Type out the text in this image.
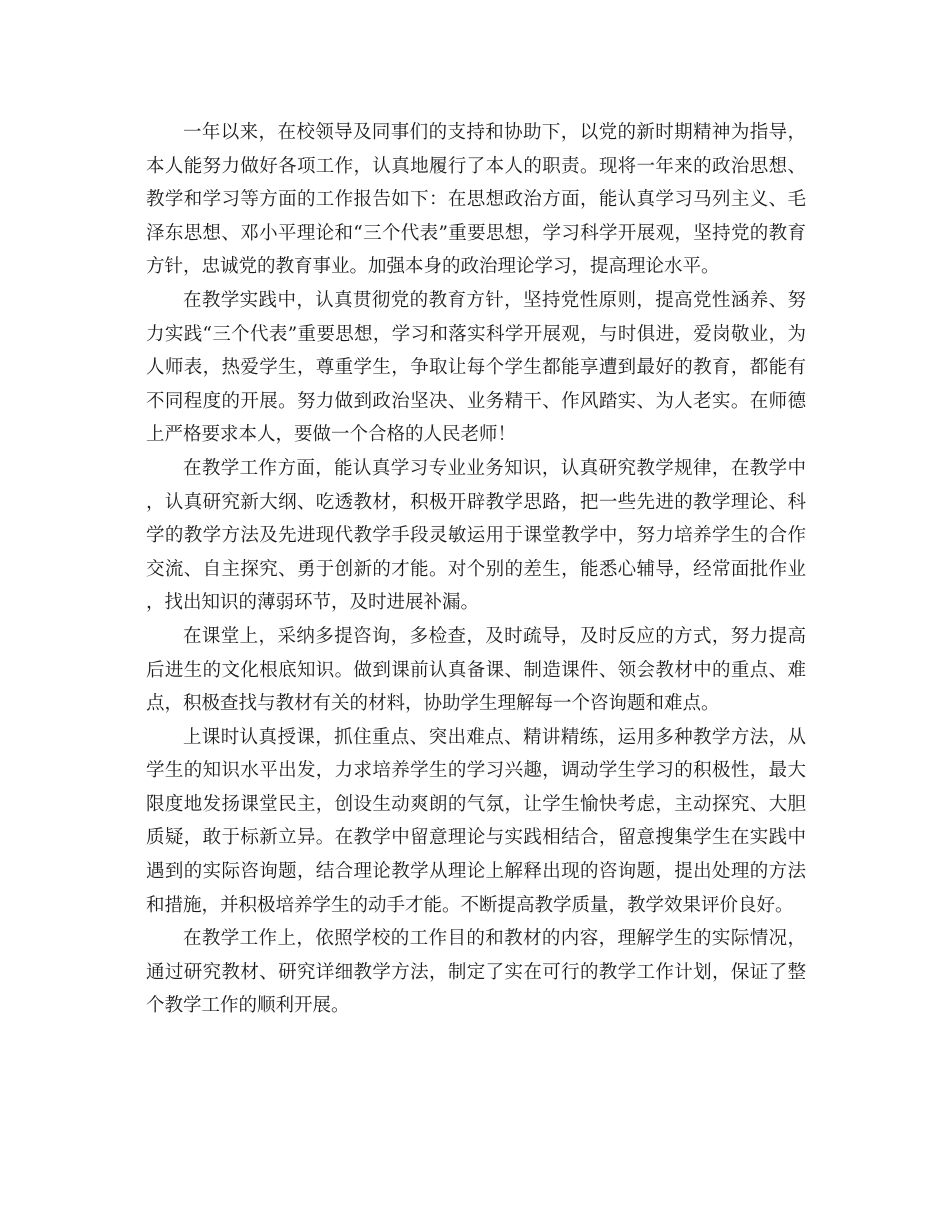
一年以来，在校领导及同事们的支持和协助下，以党的新时期精神为指导，本人能努力做好各项工作，认真地履行了本人的职责。现将一年来的政治思想、教学和学习等方面的工作报告如下：在思想政治方面，能认真学习马列主义、毛泽东思想、邓小平理论和“三个代表”重要思想，学习科学开展观，坚持党的教育方针，忠诚党的教育事业。加强本身的政治理论学习，提高理论水平。

在教学实践中，认真贯彻党的教育方针，坚持党性原则，提高党性涵养、努力实践“三个代表”重要思想，学习和落实科学开展观，与时俱进，爱岗敬业，为人师表，热爱学生，尊重学生，争取让每个学生都能享遭到最好的教育，都能有不同程度的开展。努力做到政治坚决、业务精干、作风踏实、为人老实。在师德上严格要求本人，要做一个合格的人民老师！

在教学工作方面，能认真学习专业业务知识，认真研究教学规律，在教学中，认真研究新大纲、吃透教材，积极开辟教学思路，把一些先进的教学理论、科学的教学方法及先进现代教学手段灵敏运用于课堂教学中，努力培养学生的合作交流、自主探究、勇于创新的才能。对个别的差生，能悉心辅导，经常面批作业，找出知识的薄弱环节，及时进展补漏。

在课堂上，采纳多提咨询，多检查，及时疏导，及时反应的方式，努力提高后进生的文化根底知识。做到课前认真备课、制造课件、领会教材中的重点、难点，积极查找与教材有关的材料，协助学生理解每一个咨询题和难点。

上课时认真授课，抓住重点、突出难点、精讲精练，运用多种教学方法，从学生的知识水平出发，力求培养学生的学习兴趣，调动学生学习的积极性，最大限度地发扬课堂民主，创设生动爽朗的气氛，让学生愉快考虑，主动探究、大胆质疑，敢于标新立异。在教学中留意理论与实践相结合，留意搜集学生在实践中遇到的实际咨询题，结合理论教学从理论上解释出现的咨询题，提出处理的方法和措施，并积极培养学生的动手才能。不断提高教学质量，教学效果评价良好。

在教学工作上，依照学校的工作目的和教材的内容，理解学生的实际情况，通过研究教材、研究详细教学方法，制定了实在可行的教学工作计划，保证了整个教学工作的顺利开展。
